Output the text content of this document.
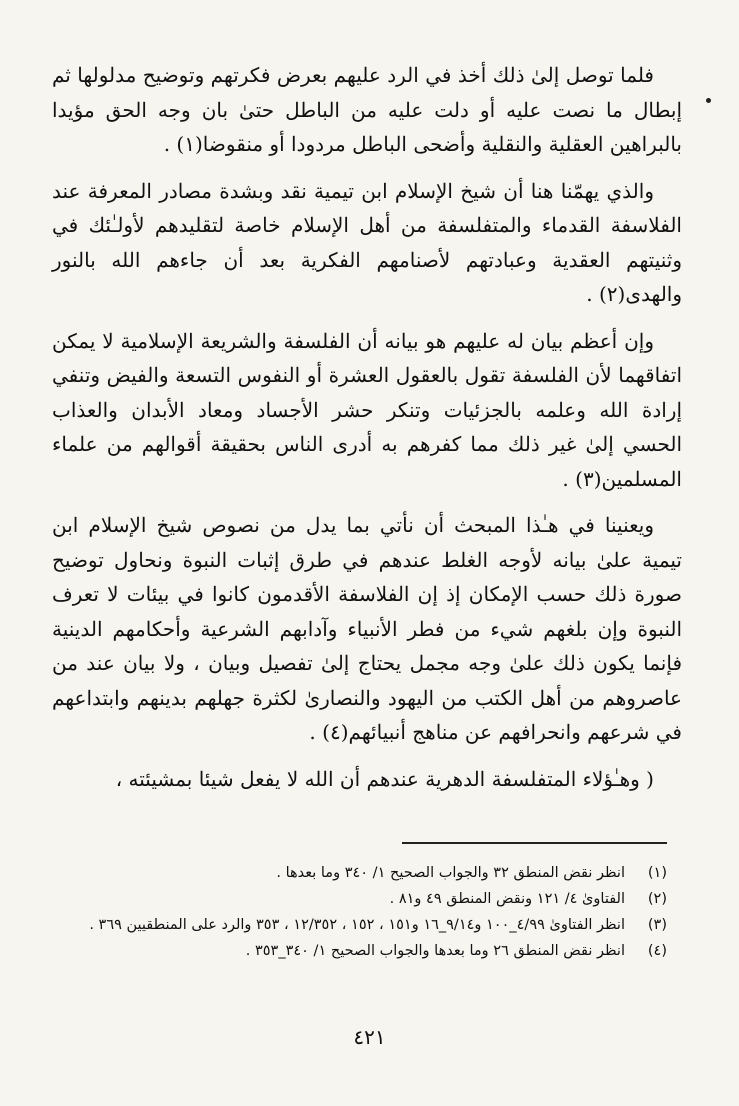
فلما توصل إلىٰ ذلك أخذ في الرد عليهم بعرض فكرتهم وتوضيح مدلولها ثم إبطال ما نصت عليه أو دلت عليه من الباطل حتىٰ بان وجه الحق مؤيدا بالبراهين العقلية والنقلية وأضحى الباطل مردودا أو منقوضا(١) .

والذي يهمّنا هنا أن شيخ الإسلام ابن تيمية نقد وبشدة مصادر المعرفة عند الفلاسفة القدماء والمتفلسفة من أهل الإسلام خاصة لتقليدهم لأولـٰئك في وثنيتهم العقدية وعبادتهم لأصنامهم الفكرية بعد أن جاءهم الله بالنور والهدى(٢) .

وإن أعظم بيان له عليهم هو بيانه أن الفلسفة والشريعة الإسلامية لا يمكن اتفاقهما لأن الفلسفة تقول بالعقول العشرة أو النفوس التسعة والفيض وتنفي إرادة الله وعلمه بالجزئيات وتنكر حشر الأجساد ومعاد الأبدان والعذاب الحسي إلىٰ غير ذلك مما كفرهم به أدرى الناس بحقيقة أقوالهم من علماء المسلمين(٣) .

ويعنينا في هـٰذا المبحث أن نأتي بما يدل من نصوص شيخ الإسلام ابن تيمية علىٰ بيانه لأوجه الغلط عندهم في طرق إثبات النبوة ونحاول توضيح صورة ذلك حسب الإمكان إذ إن الفلاسفة الأقدمون كانوا في بيئات لا تعرف النبوة وإن بلغهم شيء من فطر الأنبياء وآدابهم الشرعية وأحكامهم الدينية فإنما يكون ذلك علىٰ وجه مجمل يحتاج إلىٰ تفصيل وبيان ، ولا بيان عند من عاصروهم من أهل الكتب من اليهود والنصارىٰ لكثرة جهلهم بدينهم وابتداعهم في شرعهم وانحرافهم عن مناهج أنبيائهم(٤) .

( وهـٰؤلاء المتفلسفة الدهرية عندهم أن الله لا يفعل شيئا بمشيئته ،

(١)
انظر نقض المنطق ٣٢ والجواب الصحيح ١/ ٣٤٠ وما بعدها .
(٢)
الفتاوىٰ ٤/ ١٢١ ونقض المنطق ٤٩ و٨١ .
(٣)
انظر الفتاوىٰ ٤/٩٩_١٠٠ و٩/١٤_١٦ و١٥١ ، ١٥٢ ، ١٢/٣٥٢ ، ٣٥٣ والرد على المنطقيين ٣٦٩ .
(٤)
انظر نقض المنطق ٢٦ وما بعدها والجواب الصحيح ١/ ٣٤٠_٣٥٣ .
٤٢١
